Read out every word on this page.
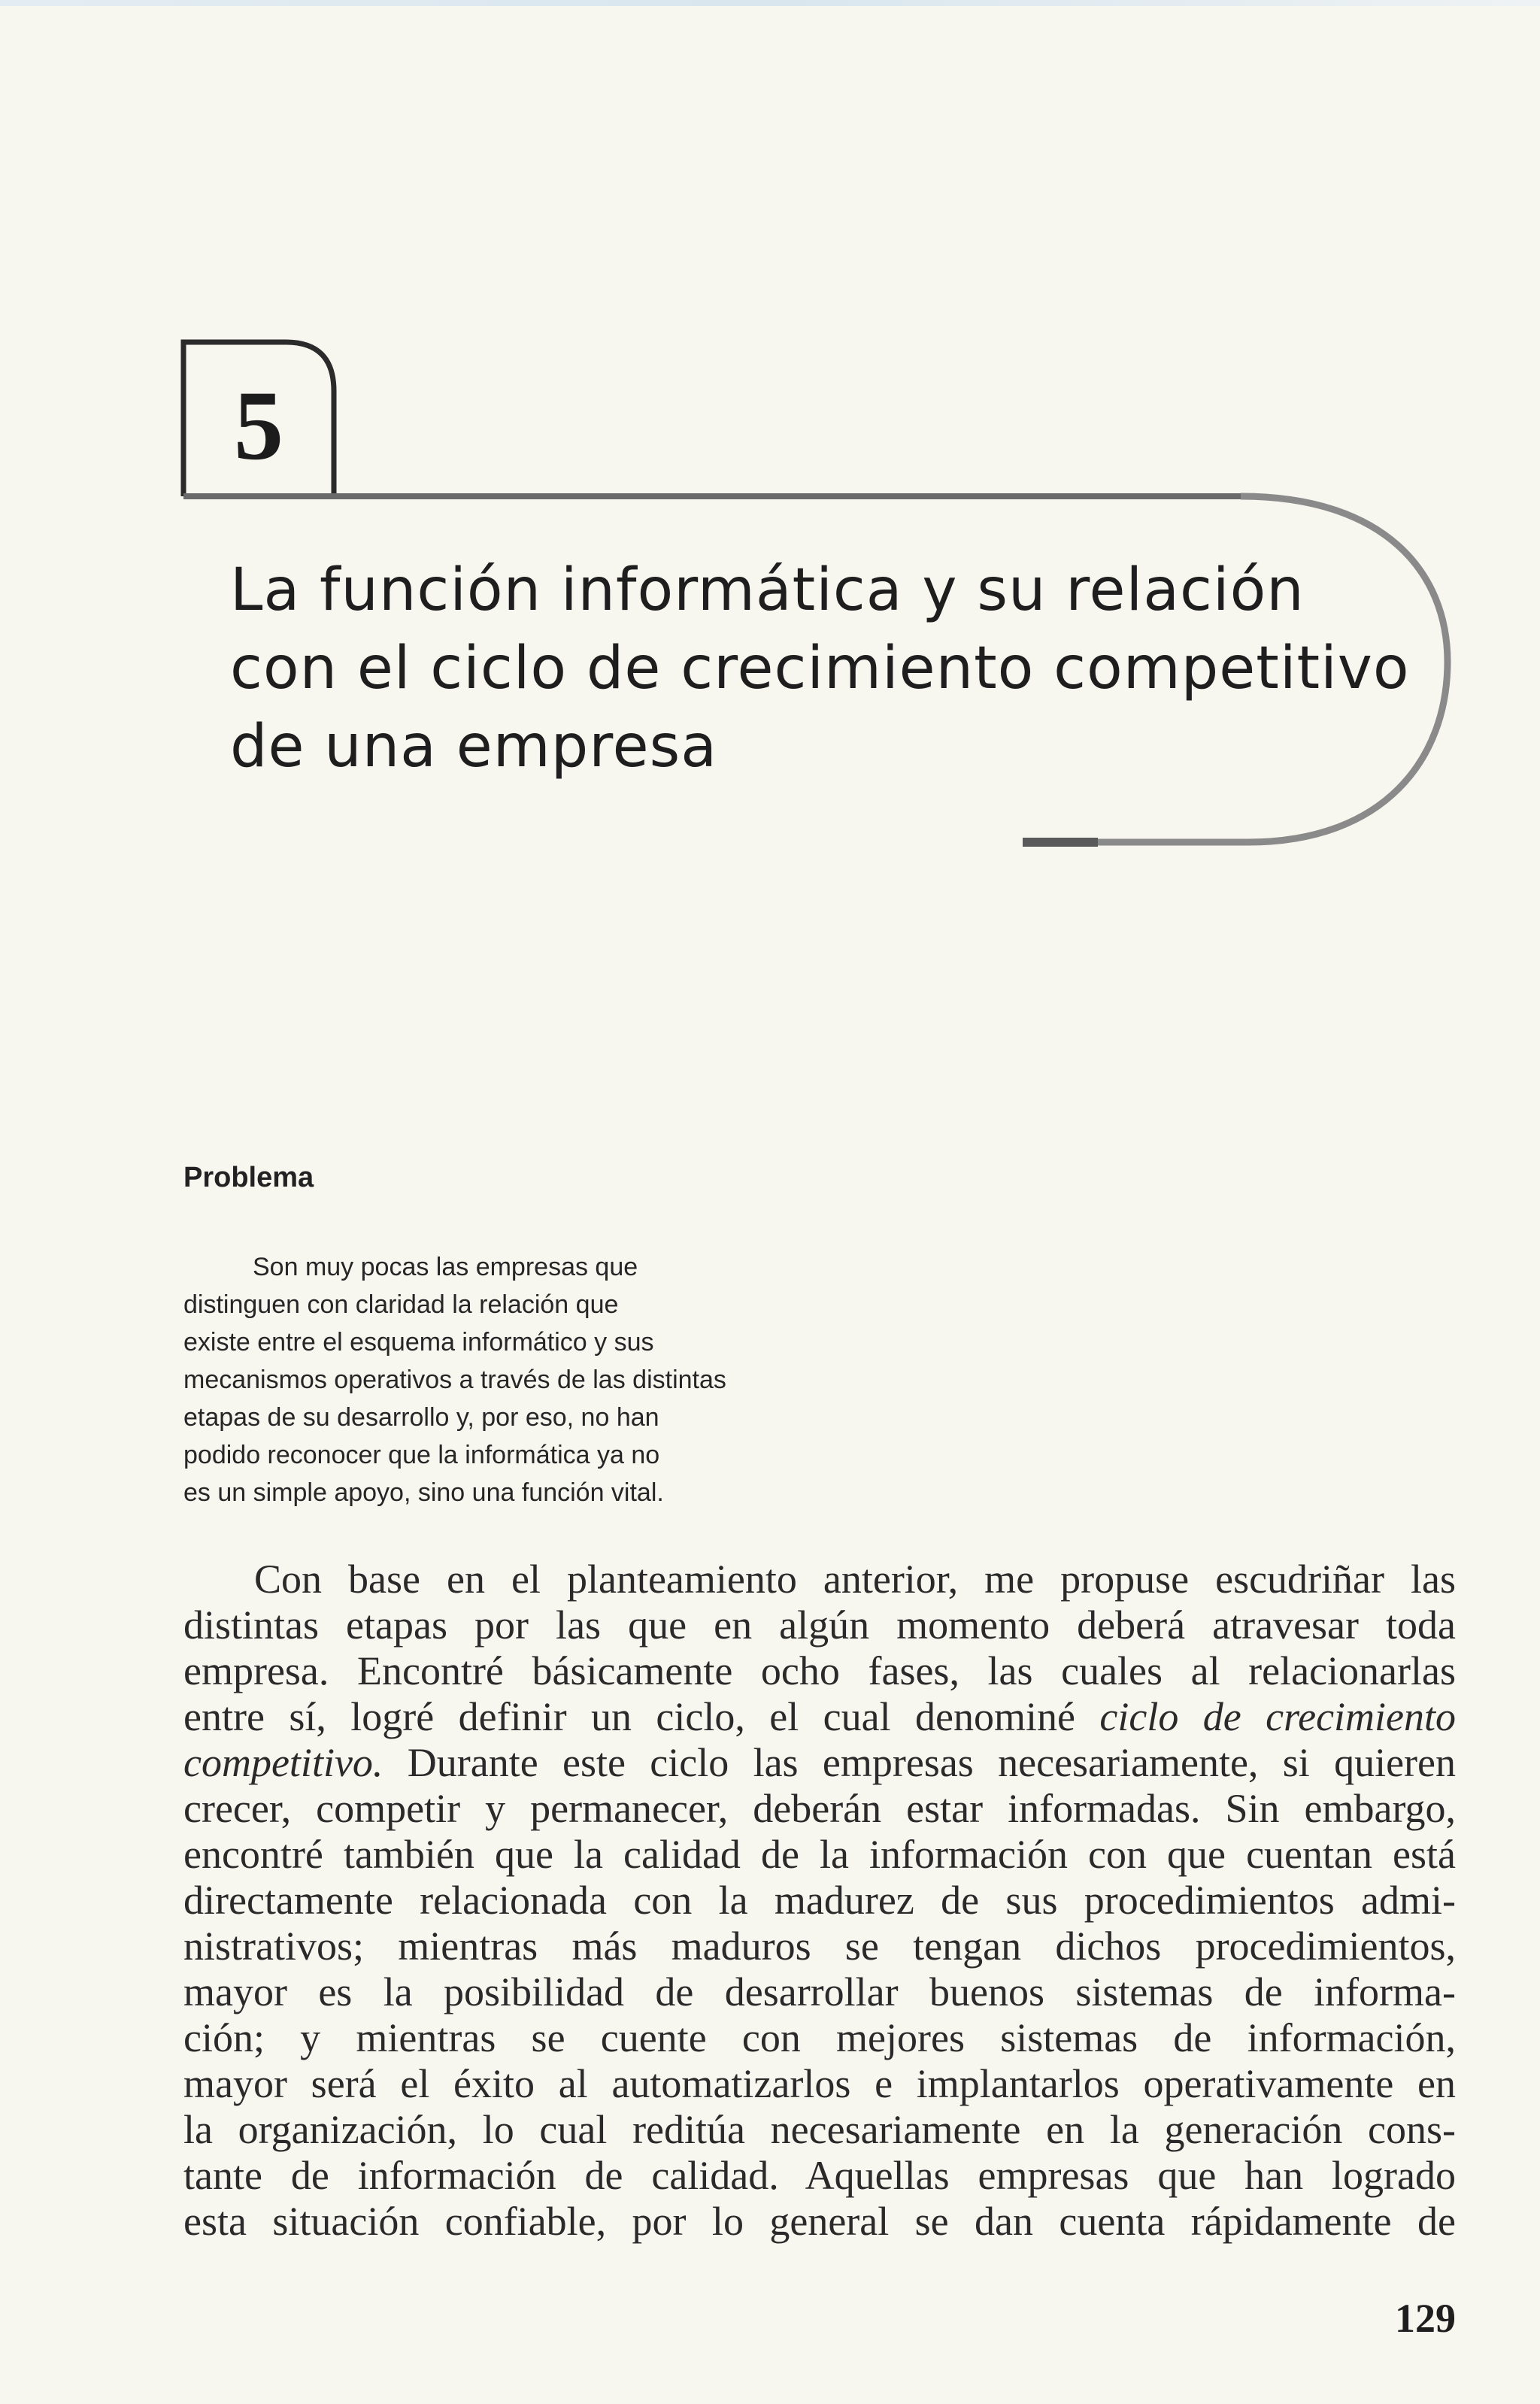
5
La función informática y su relación
con el ciclo de crecimiento competitivo
de una empresa
Problema
Son muy pocas las empresas que
distinguen con claridad la relación que
existe entre el esquema informático y sus
mecanismos operativos a través de las distintas
etapas de su desarrollo y, por eso, no han
podido reconocer que la informática ya no
es un simple apoyo, sino una función vital.
Con base en el planteamiento anterior, me propuse escudriñar las
distintas etapas por las que en algún momento deberá atravesar toda
empresa. Encontré básicamente ocho fases, las cuales al relacionarlas
entre sí, logré definir un ciclo, el cual denominé ciclo de crecimiento
competitivo. Durante este ciclo las empresas necesariamente, si quieren
crecer, competir y permanecer, deberán estar informadas. Sin embargo,
encontré también que la calidad de la información con que cuentan está
directamente relacionada con la madurez de sus procedimientos admi-
nistrativos; mientras más maduros se tengan dichos procedimientos,
mayor es la posibilidad de desarrollar buenos sistemas de informa-
ción; y mientras se cuente con mejores sistemas de información,
mayor será el éxito al automatizarlos e implantarlos operativamente en
la organización, lo cual reditúa necesariamente en la generación cons-
tante de información de calidad. Aquellas empresas que han logrado
esta situación confiable, por lo general se dan cuenta rápidamente de
129
